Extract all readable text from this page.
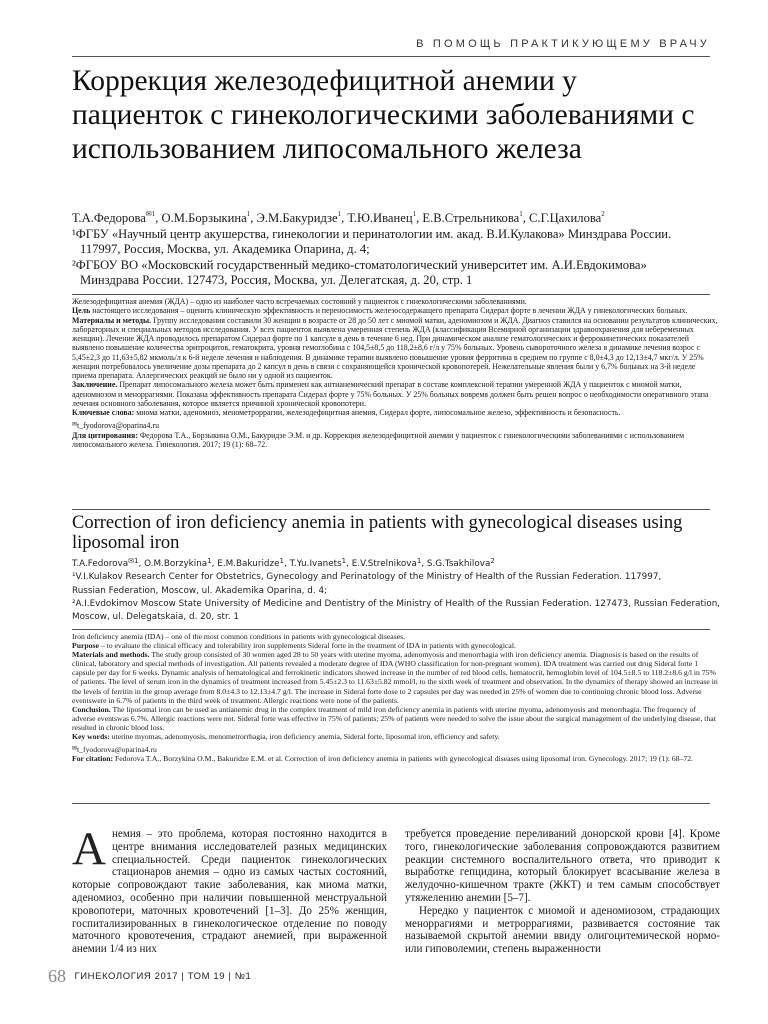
В ПОМОЩЬ ПРАКТИКУЮЩЕМУ ВРАЧУ
Коррекция железодефицитной анемии у пациенток с гинекологическими заболеваниями с использованием липосомального железа
Т.А.Федорова$^{✉1}$, О.М.Борзыкина$^1$, Э.М.Бакуридзе$^1$, Т.Ю.Иванец$^1$, Е.В.Стрельникова$^1$, С.Г.Цахилова$^2$
¹ФГБУ «Научный центр акушерства, гинекологии и перинатологии им. акад. В.И.Кулакова» Минздрава России.
117997, Россия, Москва, ул. Академика Опарина, д. 4;
²ФГБОУ ВО «Московский государственный медико-стоматологический университет им. А.И.Евдокимова»
Минздрава России. 127473, Россия, Москва, ул. Делегатская, д. 20, стр. 1

Железодефицитная анемия (ЖДА) – одно из наиболее часто встречаемых состояний у пациенток с гинекологическими заболеваниями.

Цель настоящего исследования – оценить клиническую эффективность и переносимость железосодержащего препарата Сидерал форте в лечении ЖДА у гинекологических больных.

Материалы и методы. Группу исследования составили 30 женщин в возрасте от 28 до 50 лет с миомой матки, аденомиозом и ЖДА. Диагноз ставился на основании результатов клинических, лабораторных и специальных методов исследования. У всех пациенток выявлена умеренная степень ЖДА (классификация Всемирной организации здравоохранения для небеременных женщин). Лечение ЖДА проводилось препаратом Сидерал форте по 1 капсуле в день в течение 6 нед. При динамическом анализе гематологических и феррокинетических показателей выявлено повышение количества эритроцитов, гематокрита, уровня гемоглобина с 104,5±8,5 до 118,2±8,6 г/л у 75% больных. Уровень сывороточного железа в динамике лечения возрос с 5,45±2,3 до 11,63±5,82 мкмоль/л к 6-й неделе лечения и наблюдения. В динамике терапии выявлено повышение уровня ферритина в среднем по группе с 8,0±4,3 до 12,13±4,7 мкг/л. У 25% женщин потребовалось увеличение дозы препарата до 2 капсул в день в связи с сохраняющейся хронической кровопотерей. Нежелательные явления были у 6,7% больных на 3-й неделе приема препарата. Аллергических реакций не было ни у одной из пациенток.

Заключение. Препарат липосомального железа может быть применен как антианемический препарат в составе комплексной терапии умеренной ЖДА у пациенток с миомой матки, аденомиозом и меноррагиями. Показана эффективность препарата Сидерал форте у 75% больных. У 25% больных вовремя должен быть решен вопрос о необходимости оперативного этапа лечения основного заболевания, которое является причиной хронической кровопотери.

Ключевые слова: миома матки, аденомиоз, менометроррагии, железодефицитная анемия, Сидерал форте, липосомальное железо, эффективность и безопасность.

✉t_fyodorova@oparina4.ru

Для цитирования: Федорова Т.А., Борзыкина О.М., Бакуридзе Э.М. и др. Коррекция железодефицитной анемии у пациенток с гинекологическими заболеваниями с использованием липосомального железа. Гинекология. 2017; 19 (1): 68–72.

Correction of iron deficiency anemia in patients with gynecological diseases using liposomal iron
T.A.Fedorova$^{✉1}$, O.M.Borzykina$^1$, E.M.Bakuridze$^1$, T.Yu.Ivanets$^1$, E.V.Strelnikova$^1$, S.G.Tsakhilova$^2$
¹V.I.Kulakov Research Center for Obstetrics, Gynecology and Perinatology of the Ministry of Health of the Russian Federation. 117997,
Russian Federation, Moscow, ul. Akademika Oparina, d. 4;
²A.I.Evdokimov Moscow State University of Medicine and Dentistry of the Ministry of Health of the Russian Federation. 127473, Russian Federation,
Moscow, ul. Delegatskaia, d. 20, str. 1

Iron deficiency anemia (IDA) – one of the most common conditions in patients with gynecological diseases.

Purpose – to evaluate the clinical efficacy and tolerability iron supplements Sideral forte in the treatment of IDA in patients with gynecological.

Materials and methods. The study group consisted of 30 women aged 28 to 50 years with uterine myoma, adenomyosis and menorrhagia with iron deficiency anemia. Diagnosis is based on the results of clinical, laboratory and special methods of investigation. All patients revealed a moderate degree of IDA (WHO classification for non-pregnant women). IDA treatment was carried out drug Sideral forte 1 capsule per day for 6 weeks. Dynamic analysis of hematological and ferrokinetic indicators showed increase in the number of red blood cells, hematocrit, hemoglobin level of 104.5±8.5 to 118.2±8.6 g/l in 75% of patients. The level of serum iron in the dynamics of treatment increased from 5.45±2.3 to 11.63±5.82 mmol/l, to the sixth week of treatment and observation. In the dynamics of therapy showed an increase in the levels of ferritin in the group average from 8.0±4.3 to 12.13±4.7 g/l. The increase in Sideral forte dose to 2 capsules per day was needed in 25% of women due to continuing chronic blood loss. Adverse eventswere in 6.7% of patients in the third week of treatment. Allergic reactions were none of the patients.

Conclusion. The liposomal iron can be used as antianemic drug in the complex treatment of mild iron deficiency anemia in patients with uterine myoma, adenomyosis and menorrhagia. The frequency of adverse eventswas 6.7%. Allergic reactions were not. Sideral forte was effective in 75% of patients; 25% of patients were needed to solve the issue about the surgical management of the underlying disease, that resulted in chronic blood loss.

Key words: uterine myomas, adenomyosis, menometrorrhagia, iron deficiency anemia, Sideral forte, liposomal iron, efficiency and safety.

✉t_fyodorova@oparina4.ru

For citation: Fedorova T.A., Borzykina O.M., Bakuridze E.M. et al. Correction of iron deficiency anemia in patients with gynecological diseases using liposomal iron. Gynecology. 2017; 19 (1): 68–72.

Анемия – это проблема, которая постоянно находится в центре внимания исследователей разных медицинских специальностей. Среди пациенток гинекологических стационаров анемия – одно из самых частых состояний, которые сопровождают такие заболевания, как миома матки, аденомиоз, особенно при наличии повышенной менструальной кровопотери, маточных кровотечений [1–3]. До 25% женщин, госпитализированных в гинекологическое отделение по поводу маточного кровотечения, страдают анемией, при выраженной анемии 1/4 из них

требуется проведение переливаний донорской крови [4]. Кроме того, гинекологические заболевания сопровождаются развитием реакции системного воспалительного ответа, что приводит к выработке гепцидина, который блокирует всасывание железа в желудочно-кишечном тракте (ЖКТ) и тем самым способствует утяжелению анемии [5–7].

Нередко у пациенток с миомой и аденомиозом, страдающих меноррагиями и метроррагиями, развивается состояние так называемой скрытой анемии ввиду олигоцитемической нормо- или гиповолемии, степень выраженности

68 ГИНЕКОЛОГИЯ 2017 | ТОМ 19 | №1
